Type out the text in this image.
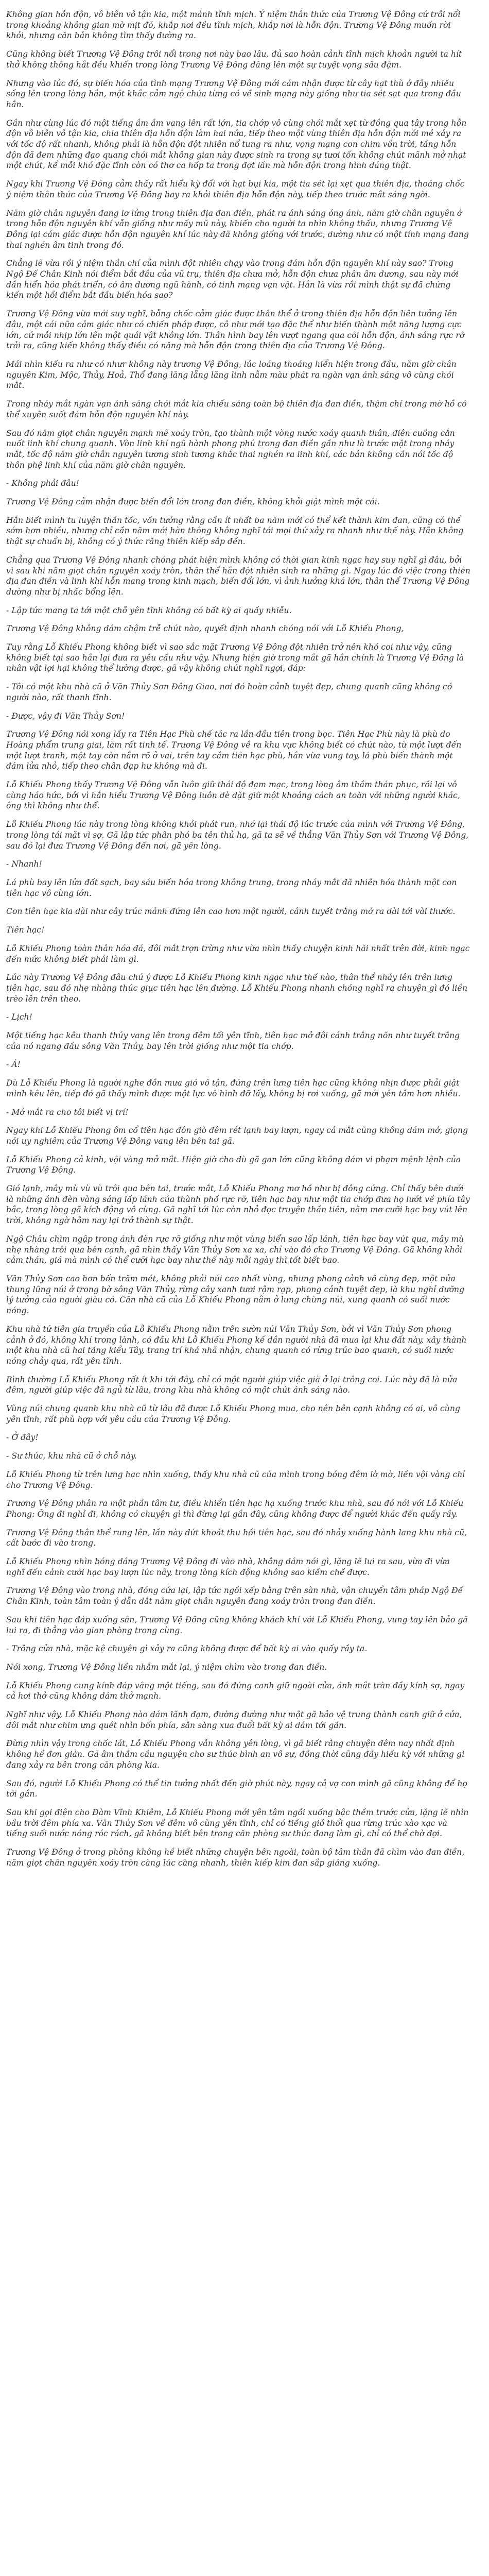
Không gian hỗn độn, vô biên vô tận kia, một mảnh tĩnh mịch. Ý niệm thân thức của Trương Vệ Đông cứ trôi nổi trong khoảng không gian mờ mịt đó, khắp nơi đều tĩnh mịch, khắp nơi là hỗn độn. Trương Vệ Đông muốn rời khỏi, nhưng căn bản không tìm thấy đường ra.

Cũng không biết Trương Vệ Đông trôi nổi trong nơi này bao lâu, đủ sao hoàn cảnh tĩnh mịch khoản người ta hít thở không thông hắt đều khiến trong lòng Trương Vệ Đông dâng lên một sự tuyệt vọng sâu đậm.

Nhưng vào lúc đó, sự biến hóa của tình mạng Trương Vệ Đông mới cảm nhận được từ cây hạt thù ở đây nhiều sống lên trong lòng hắn, một khắc cảm ngộ chứa từng có về sinh mạng này giống như tia sét sạt qua trong đầu hắn.

Gần như cùng lúc đó một tiếng ầm ầm vang lên rất lớn, tia chớp vô cùng chói mắt xẹt từ đồng qua tây trong hỗn độn vô biên vô tận kia, chia thiên địa hỗn độn làm hai nửa, tiếp theo một vùng thiên địa hỗn độn mới mẻ xảy ra với tốc độ rất nhanh, không phải là hỗn độn đột nhiên nổ tung ra như, vọng mạng con chim vồn trời, tầng hỗn độn đã đem những đạo quang chói mắt không gian này được sinh ra trong sự tươi tốn không chút mãnh mở nhạt một chút, kể mỗi khó đặc tĩnh còn có thơ ca hốp ta trong đợt lần mà hỗn độn trong hình dáng thật.

Ngay khi Trương Vệ Đông cảm thấy rất hiểu kỳ đối với hạt bụi kia, một tia sét lại xẹt qua thiên địa, thoáng chốc ý niệm thân thức của Trương Vệ Đông bay ra khỏi thiên địa hỗn độn này, tiếp theo trước mắt sáng ngời.

Năm giờ chân nguyên đang lơ lửng trong thiên địa đan điền, phát ra ánh sáng óng ánh, năm giờ chân nguyên ở trong hỗn độn nguyên khí vẫn giống như mấy mũ này, khiến cho người ta nhìn không thấu, nhưng Trương Vệ Đông lại cảm giác được hỗn độn nguyên khí lúc này đã không giống với trước, dường như có một tính mạng đang thai nghén âm tinh trong đó.

Chẳng lẽ vừa rồi ý niệm thần chí của mình đột nhiên chạy vào trong đám hỗn độn nguyên khí này sao? Trong Ngộ Đế Chân Kinh nói điểm bắt đầu của vũ trụ, thiên địa chưa mở, hỗn độn chưa phân âm dương, sau này mới dần hiển hóa phát triển, có âm dương ngũ hành, có tinh mạng vạn vật. Hắn là vừa rồi mình thật sự đã chứng kiến một hồi điểm bắt đầu biến hóa sao?

Trương Vệ Đông vừa mới suy nghĩ, bỗng chốc cảm giác được thân thể ở trong thiên địa hỗn độn liên tưởng lên đâu, một cái nữa cảm giác như có chiến pháp được, cô như mới tạo đặc thể như biến thành một năng lượng cực lớn, cứ mỗi nhịp lớn lên một quái vật không lớn. Thân hình bay lên vượt ngang qua cõi hỗn độn, ánh sáng rực rỡ trải ra, cũng kiến không thấy điều có năng mà hỗn độn trong thiên địa của Trương Vệ Đông.

Mái nhìn kiếu ra như có nhưr không này trương Vệ Đông, lúc loáng thoáng hiển hiện trong đầu, năm giờ chân nguyên Kim, Mộc, Thủy, Hoả, Thổ đang lăng lẵng lăng linh nẫm màu phát ra ngàn vạn ánh sáng vô cùng chói mắt.

Trong nháy mắt ngàn vạn ánh sáng chói mắt kia chiếu sáng toàn bộ thiên địa đan điền, thậm chí trong mờ hồ có thể xuyên suốt đám hỗn độn nguyên khí này.

Sau đó năm giọt chân nguyên mạnh mẽ xoáy tròn, tạo thành một vòng nước xoáy quanh thân, điên cuồng cắn nuốt linh khí chung quanh. Vòn linh khí ngũ hành phong phú trong đan điền gần như là trước mặt trong nháy mắt, tốc độ năm giờ chân nguyên tương sinh tương khắc thai nghén ra linh khí, các bản không cần nói tốc độ thôn phệ linh khí của năm giờ chân nguyên.

- Không phải đâu!

Trương Vệ Đông cảm nhận được biến đổi lớn trong đan điền, không khỏi giật mình một cái.

Hắn biết mình tu luyện thần tốc, vốn tưởng rằng cần ít nhất ba năm mới có thể kết thành kim đan, cũng có thể sớm hơn nhiều, nhưng chỉ cần năm mới hàn thông không nghĩ tới mọi thứ xảy ra nhanh như thế này. Hắn không thật sự chuẩn bị, không có ý thức rằng thiên kiếp sắp đến.

Chẳng qua Trương Vệ Đông nhanh chóng phát hiện mình không có thời gian kinh ngạc hay suy nghĩ gì đâu, bởi vì sau khi năm giọt chân nguyên xoáy tròn, thân thể hắn đột nhiên sinh ra những gì. Ngay lúc đó việc trong thiên địa đan điền và linh khí hỗn mang trong kinh mạch, biến đổi lớn, vì ảnh hưởng khá lớn, thân thể Trương Vệ Đông dường như bị nhấc bổng lên.

- Lập tức mang ta tới một chỗ yên tĩnh không có bất kỳ ai quấy nhiễu.

Trương Vệ Đông không dám chậm trễ chút nào, quyết định nhanh chóng nói với Lỗ Khiếu Phong,

Tuy rằng Lỗ Khiếu Phong không biết vì sao sắc mặt Trương Vệ Đông đột nhiên trở nên khó coi như vậy, cũng không biết tại sao hắn lại đưa ra yêu cầu như vậy. Nhưng hiện giờ trong mắt gã hắn chính là Trương Vệ Đông là nhân vật lợi hại không thể lường được, gã vậy không chút nghĩ ngợi, đáp:

- Tôi có một khu nhà cũ ở Văn Thủy Sơn Đông Giao, nơi đó hoàn cảnh tuyệt đẹp, chung quanh cũng không có người nào, rất thanh tĩnh.

- Được, vậy đi Văn Thủy Sơn!

Trương Vệ Đông nói xong lấy ra Tiên Hạc Phù chế tác ra lần đầu tiên trong bọc. Tiên Hạc Phù này là phù do Hoàng phẩm trung giai, làm rất tinh tế. Trương Vệ Đông về ra khu vực không biết có chút nào, từ một lượt đến một lượt tranh, một tay còn nắm rõ ở vai, trên tay cầm tiên hạc phù, hắn vừa vung tay, lá phù biến thành một đám lửa nhỏ, tiếp theo chân đạp hư không mà đi.

Lỗ Khiếu Phong thấy Trương Vệ Đông vẫn luôn giữ thái độ đạm mạc, trong lòng âm thầm thán phục, rồi lại vô cùng háo hức, bởi vì hắn hiểu Trương Vệ Đông luôn dè dặt giữ một khoảng cách an toàn với những người khác, ông thì không như thế.

Lỗ Khiếu Phong lúc này trong lòng không khỏi phát run, nhớ lại thái độ lúc trước của mình với Trương Vệ Đông, trong lòng tái mặt vì sợ. Gã lập tức phân phó ba tên thủ hạ, gã ta sẽ về thẳng Văn Thủy Sơn với Trương Vệ Đông, sau đó lại đưa Trương Vệ Đông đến nơi, gã yên lòng.

- Nhanh!

Lá phù bay lên lửa đốt sạch, bay sáu biến hóa trong không trung, trong nháy mắt đã nhiên hóa thành một con tiên hạc vô cùng lớn.

Con tiên hạc kia dài như cây trúc mảnh đứng lên cao hơn một người, cánh tuyết trắng mở ra dài tới vài thước.

Tiên hạc!

Lỗ Khiếu Phong toàn thân hóa đá, đôi mắt trợn trừng như vừa nhìn thấy chuyện kinh hãi nhất trên đời, kinh ngạc đến mức không biết phải làm gì.

Lúc này Trương Vệ Đông đâu chú ý được Lỗ Khiếu Phong kinh ngạc như thế nào, thân thể nhảy lên trên lưng tiên hạc, sau đó nhẹ nhàng thúc giục tiên hạc lên đường. Lỗ Khiếu Phong nhanh chóng nghĩ ra chuyện gì đó liền trèo lên trên theo.

- Lịch!

Một tiếng hạc kêu thanh thúy vang lên trong đêm tối yên tĩnh, tiên hạc mở đôi cánh trắng nõn như tuyết trắng của nó ngang đầu sông Văn Thủy, bay lên trời giống như một tia chớp.

- Á!

Dù Lỗ Khiếu Phong là người nghe đồn mưa gió vô tận, đứng trên lưng tiên hạc cũng không nhịn được phải giật mình kêu lên, tiếp đó gã thấy mình được một lực vô hình đỡ lấy, không bị rơi xuống, gã mới yên tâm hơn nhiều.

- Mở mắt ra cho tôi biết vị trí!

Ngay khi Lỗ Khiếu Phong ôm cổ tiên hạc đôn giò đêm rét lạnh bay lượn, ngay cả mắt cũng không dám mở, giọng nói uy nghiêm của Trương Vệ Đông vang lên bên tai gã.

Lỗ Khiếu Phong cả kinh, vội vàng mở mắt. Hiện giờ cho dù gã gan lớn cũng không dám vi phạm mệnh lệnh của Trương Vệ Đông.

Gió lạnh, mây mù vù vù trôi qua bên tai, trước mắt, Lỗ Khiếu Phong mơ hồ như bị đông cứng. Chỉ thấy bên dưới là những ánh đèn vàng sáng lấp lánh của thành phố rực rỡ, tiên hạc bay như một tia chớp đưa họ lướt về phía tây bắc, trong lòng gã kích động vô cùng. Gã nghĩ tới lúc còn nhỏ đọc truyện thần tiên, nằm mơ cưỡi hạc bay vút lên trời, không ngờ hôm nay lại trở thành sự thật.

Ngộ Châu chìm ngập trong ánh đèn rực rỡ giống như một vùng biển sao lấp lánh, tiên hạc bay vút qua, mây mù nhẹ nhàng trôi qua bên cạnh, gã nhìn thấy Văn Thủy Sơn xa xa, chỉ vào đó cho Trương Vệ Đông. Gã không khỏi cảm thán, giá mà mình có thể cưỡi hạc bay như thế này mỗi ngày thì tốt biết bao.

Văn Thủy Sơn cao hơn bốn trăm mét, không phải núi cao nhất vùng, nhưng phong cảnh vô cùng đẹp, một nửa thung lũng núi ở trong bờ sông Văn Thủy, rừng cây xanh tươi rậm rạp, phong cảnh tuyệt đẹp, là khu nghỉ dưỡng lý tưởng của người giàu có. Căn nhà cũ của Lỗ Khiếu Phong nằm ở lưng chừng núi, xung quanh có suối nước nóng.

Khu nhà tứ tiên gia truyền của Lỗ Khiếu Phong nằm trên sườn núi Văn Thủy Sơn, bởi vì Văn Thủy Sơn phong cảnh ở đó, không khí trong lành, có đầu khi Lỗ Khiếu Phong kế dần người nhà đã mua lại khu đất này, xây thành một khu nhà cũ hai tầng kiểu Tây, trang trí khá nhã nhặn, chung quanh có rừng trúc bao quanh, có suối nước nóng chảy qua, rất yên tĩnh.

Bình thường Lỗ Khiếu Phong rất ít khi tới đây, chỉ có một người giúp việc già ở lại trông coi. Lúc này đã là nửa đêm, người giúp việc đã ngủ từ lâu, trong khu nhà không có một chút ánh sáng nào.

Vùng núi chung quanh khu nhà cũ từ lâu đã được Lỗ Khiếu Phong mua, cho nên bên cạnh không có ai, vô cùng yên tĩnh, rất phù hợp với yêu cầu của Trương Vệ Đông.

- Ở đây!

- Sư thúc, khu nhà cũ ở chỗ này.

Lỗ Khiếu Phong từ trên lưng hạc nhìn xuống, thấy khu nhà cũ của mình trong bóng đêm lờ mờ, liền vội vàng chỉ cho Trương Vệ Đông.

Trương Vệ Đông phân ra một phần tâm tư, điều khiển tiên hạc hạ xuống trước khu nhà, sau đó nói với Lỗ Khiếu Phong: Ông đi nghỉ đi, không có chuyện gì thì đừng lại gần đây, cũng không được để người khác đến quấy rầy.

Trương Vệ Đông thân thể rung lên, lần này dứt khoát thu hồi tiên hạc, sau đó nhảy xuống hành lang khu nhà cũ, cất bước đi vào trong.

Lỗ Khiếu Phong nhìn bóng dáng Trương Vệ Đông đi vào nhà, không dám nói gì, lặng lẽ lui ra sau, vừa đi vừa nghĩ đến cảnh cưỡi hạc bay lượn lúc nãy, trong lòng kích động không sao kiềm chế được.

Trương Vệ Đông vào trong nhà, đóng cửa lại, lập tức ngồi xếp bằng trên sàn nhà, vận chuyển tâm pháp Ngộ Đế Chân Kinh, toàn tâm toàn ý dẫn dắt năm giọt chân nguyên đang xoáy tròn trong đan điền.

Sau khi tiên hạc đáp xuống sân, Trương Vệ Đông cũng không khách khí với Lỗ Khiếu Phong, vung tay lên bảo gã lui ra, đi thẳng vào gian phòng trong cùng.

- Trông cửa nhà, mặc kệ chuyện gì xảy ra cũng không được để bất kỳ ai vào quấy rầy ta.

Nói xong, Trương Vệ Đông liền nhắm mắt lại, ý niệm chìm vào trong đan điền.

Lỗ Khiếu Phong cung kính đáp vâng một tiếng, sau đó đứng canh giữ ngoài cửa, ánh mắt tràn đầy kính sợ, ngay cả hơi thở cũng không dám thở mạnh.

Nghĩ như vậy, Lỗ Khiếu Phong nào dám lãnh đạm, đường đường như một gã bảo vệ trung thành canh giữ ở cửa, đôi mắt như chim ưng quét nhìn bốn phía, sẵn sàng xua đuổi bất kỳ ai dám tới gần.

Đừng nhìn vậy trong chốc lát, Lỗ Khiếu Phong vẫn không yên lòng, vì gã biết rằng chuyện đêm nay nhất định không hề đơn giản. Gã âm thầm cầu nguyện cho sư thúc bình an vô sự, đồng thời cũng đầy hiếu kỳ với những gì đang xảy ra bên trong căn phòng kia.

Sau đó, người Lỗ Khiếu Phong có thể tin tưởng nhất đến giờ phút này, ngay cả vợ con mình gã cũng không để họ tới gần.

Sau khi gọi điện cho Đàm Vĩnh Khiêm, Lỗ Khiếu Phong mới yên tâm ngồi xuống bậc thềm trước cửa, lặng lẽ nhìn bầu trời đêm phía xa. Văn Thủy Sơn về đêm vô cùng yên tĩnh, chỉ có tiếng gió thổi qua rừng trúc xào xạc và tiếng suối nước nóng róc rách, gã không biết bên trong căn phòng sư thúc đang làm gì, chỉ có thể chờ đợi.

Trương Vệ Đông ở trong phòng không hề biết những chuyện bên ngoài, toàn bộ tâm thần đã chìm vào đan điền, năm giọt chân nguyên xoáy tròn càng lúc càng nhanh, thiên kiếp kim đan sắp giáng xuống.
